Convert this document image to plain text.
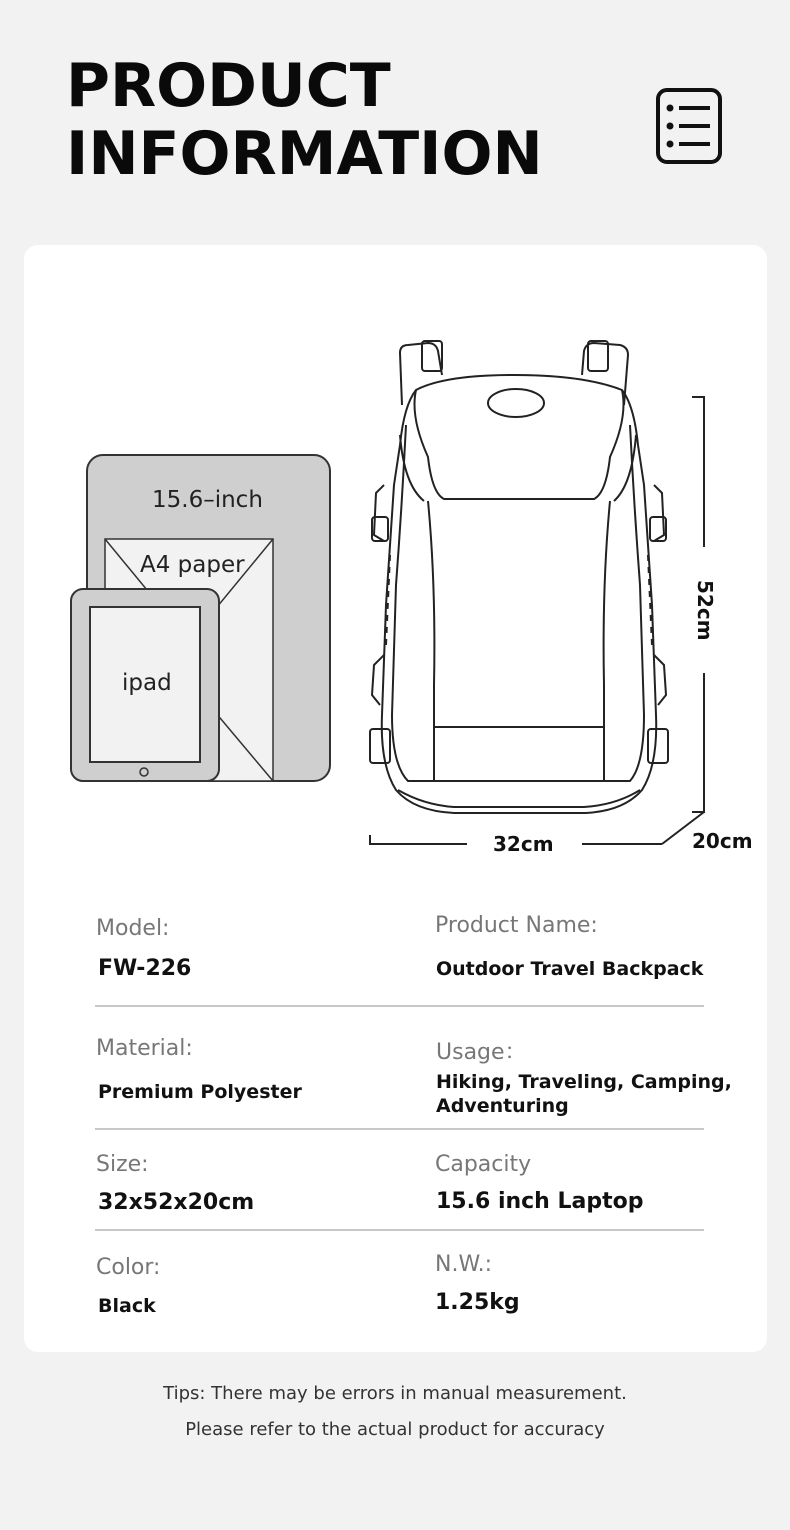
PRODUCT
INFORMATION
15.6–inch
A4 paper
ipad
32cm
52cm
20cm
Model:
FW-226
Product Name:
Outdoor Travel Backpack
Material:
Premium Polyester
Usage：
Hiking, Traveling, Camping, Adventuring
Size:
32x52x20cm
Capacity
15.6 inch Laptop
Color:
Black
N.W.:
1.25kg
Tips: There may be errors in manual measurement.
Please refer to the actual product for accuracy
